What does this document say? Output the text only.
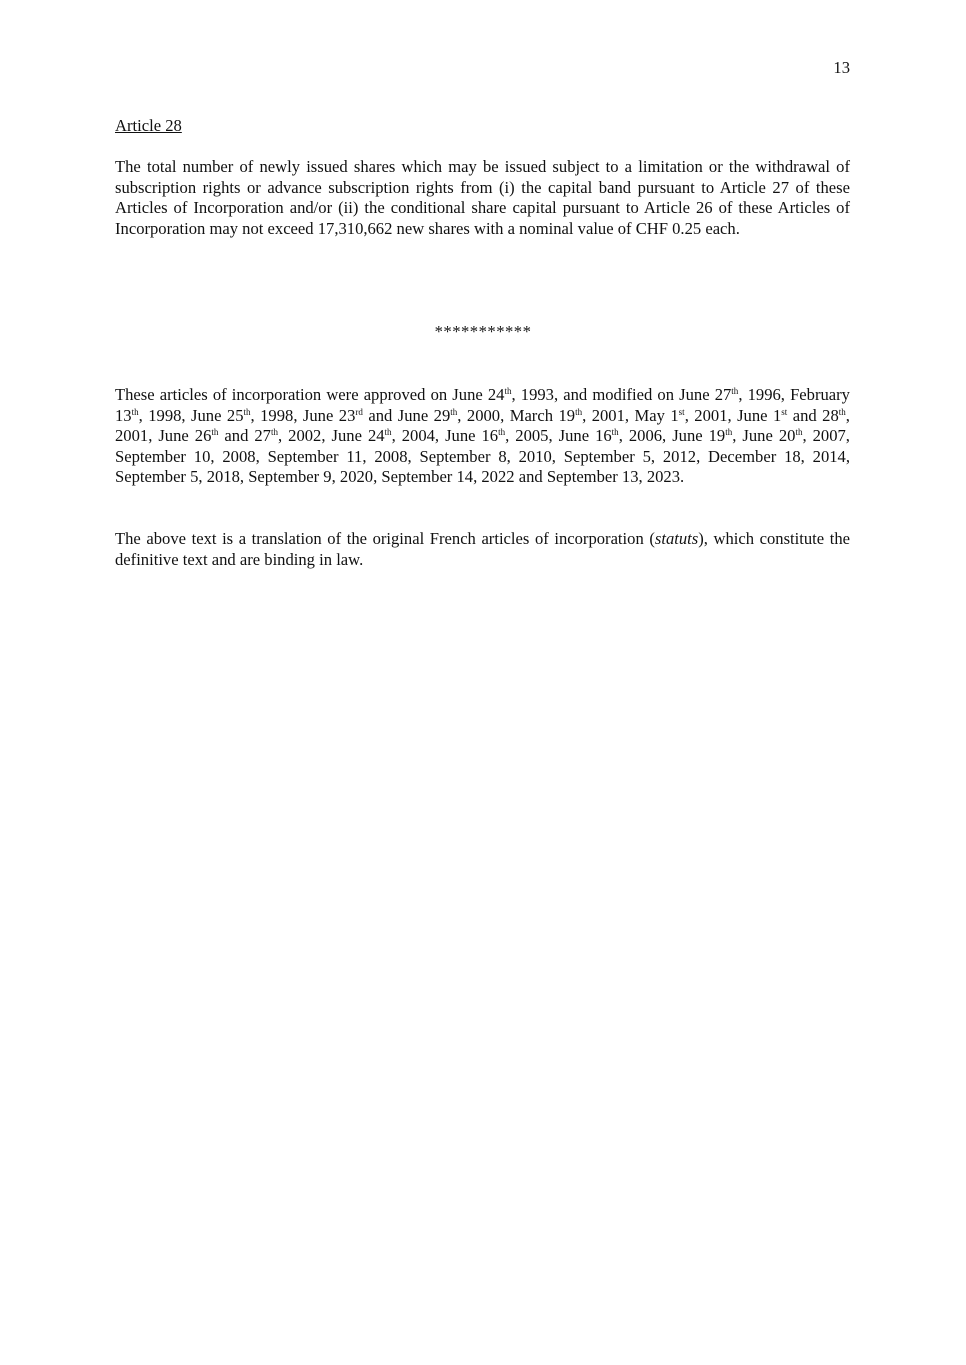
13
Article 28

The total number of newly issued shares which may be issued subject to a limitation or the withdrawal of subscription rights or advance subscription rights from (i) the capital band pursuant to Article 27 of these Articles of Incorporation and/or (ii) the conditional share capital pursuant to Article 26 of these Articles of Incorporation may not exceed 17,310,662 new shares with a nominal value of CHF 0.25 each.

***********

These articles of incorporation were approved on June 24th, 1993, and modified on June 27th, 1996, February 13th, 1998, June 25th, 1998, June 23rd and June 29th, 2000, March 19th, 2001, May 1st, 2001, June 1st and 28th, 2001, June 26th and 27th, 2002, June 24th, 2004, June 16th, 2005, June 16th, 2006, June 19th, June 20th, 2007, September 10, 2008, September 11, 2008, September 8, 2010, September 5, 2012, December 18, 2014, September 5, 2018, September 9, 2020, September 14, 2022 and September 13, 2023.

The above text is a translation of the original French articles of incorporation (statuts), which constitute the definitive text and are binding in law.
